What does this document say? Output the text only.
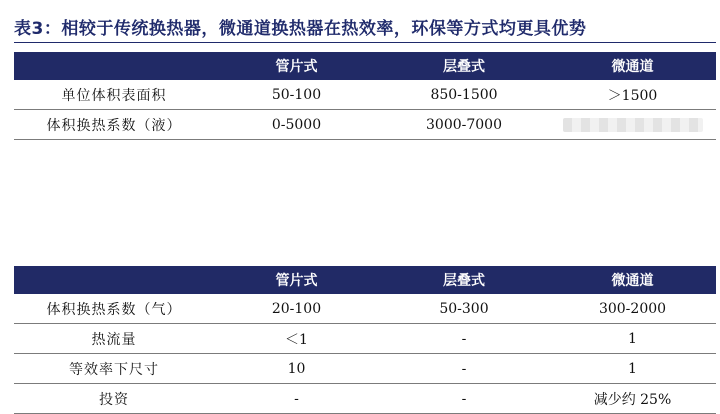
表3：相较于传统换热器，微通道换热器在热效率，环保等方式均更具优势
	管片式	层叠式	微通道
单位体积表面积	50-100	850-1500	＞1500
体积换热系数（液）	0-5000	3000-7000	
	管片式	层叠式	微通道
体积换热系数（气）	20-100	50-300	300-2000
热流量	＜1	-	1
等效率下尺寸	10	-	1
投资	-	-	减少约 25%
